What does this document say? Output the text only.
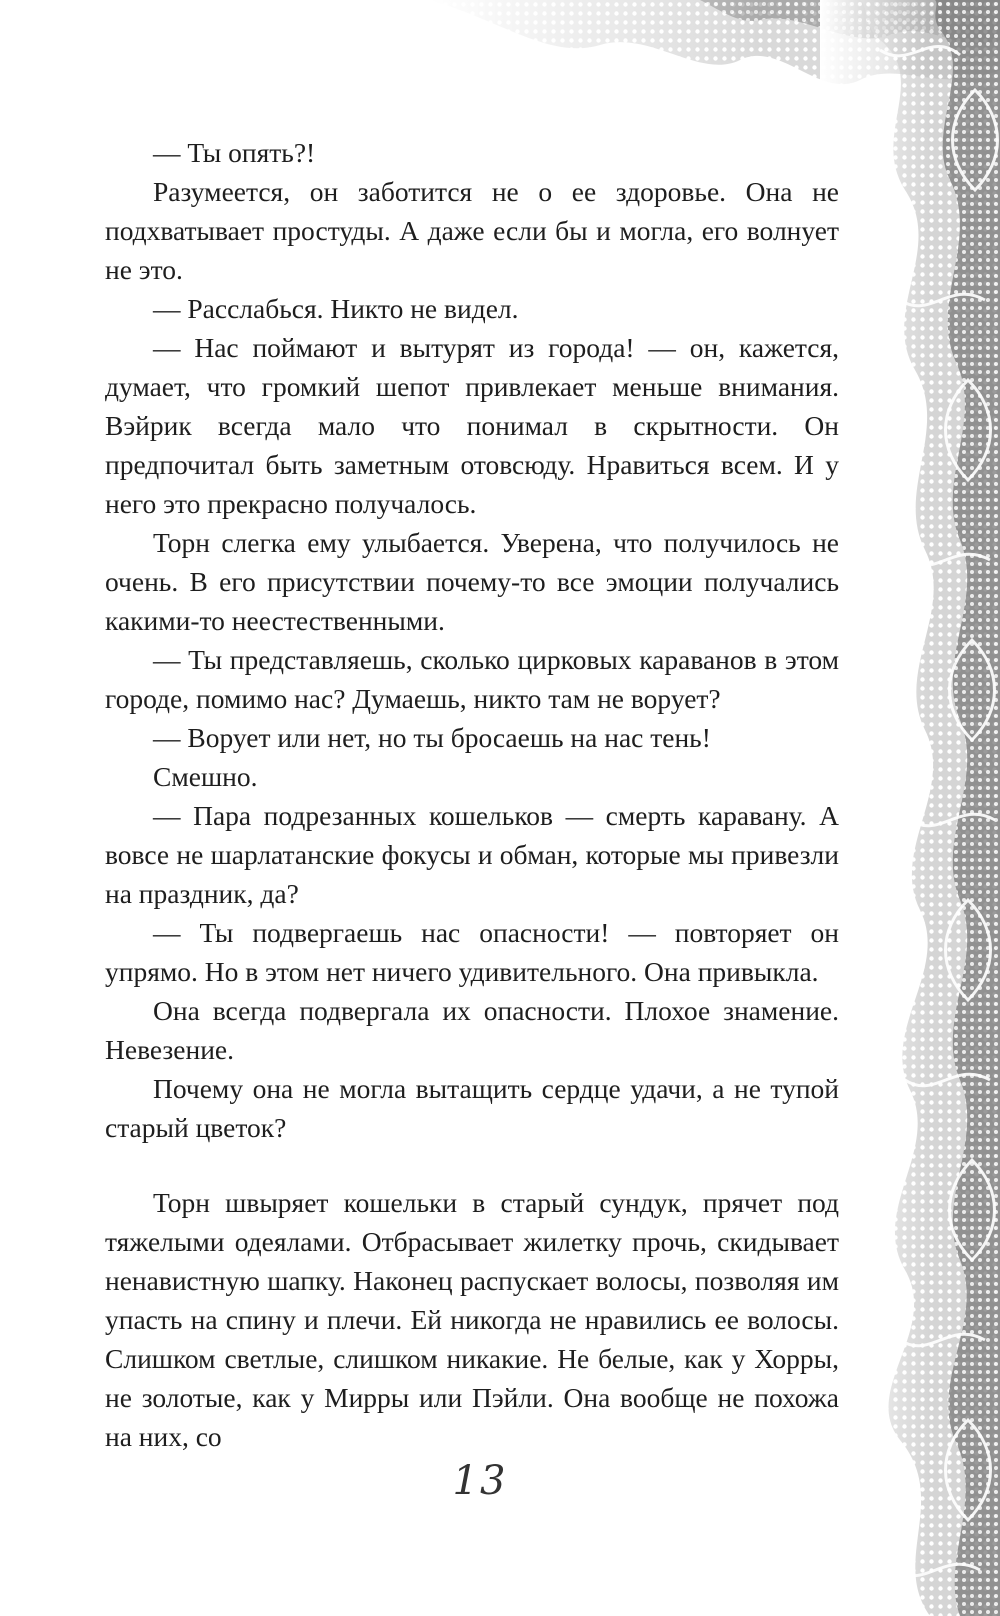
— Ты опять?!

Разумеется, он заботится не о ее здоровье. Она не подхватывает простуды. А даже если бы и могла, его волнует не это.

— Расслабься. Никто не видел.

— Нас поймают и вытурят из города! — он, кажется, думает, что громкий шепот привлекает меньше внимания. Вэйрик всегда мало что понимал в скрытности. Он предпочитал быть заметным отовсюду. Нравиться всем. И у него это прекрасно получалось.

Торн слегка ему улыбается. Уверена, что получилось не очень. В его присутствии почему-то все эмоции получались какими-то неестественными.

— Ты представляешь, сколько цирковых караванов в этом городе, помимо нас? Думаешь, никто там не ворует?

— Ворует или нет, но ты бросаешь на нас тень!

Смешно.

— Пара подрезанных кошельков — смерть каравану. А вовсе не шарлатанские фокусы и обман, которые мы привезли на праздник, да?

— Ты подвергаешь нас опасности! — повторяет он упрямо. Но в этом нет ничего удивительного. Она привыкла.

Она всегда подвергала их опасности. Плохое знамение. Невезение.

Почему она не могла вытащить сердце удачи, а не тупой старый цветок?

Торн швыряет кошельки в старый сундук, прячет под тяжелыми одеялами. Отбрасывает жилетку прочь, скидывает ненавистную шапку. Наконец распускает волосы, позволяя им упасть на спину и плечи. Ей никогда не нравились ее волосы. Слишком светлые, слишком никакие. Не белые, как у Хорры, не золотые, как у Мирры или Пэйли. Она вообще не похожа на них, со

13
